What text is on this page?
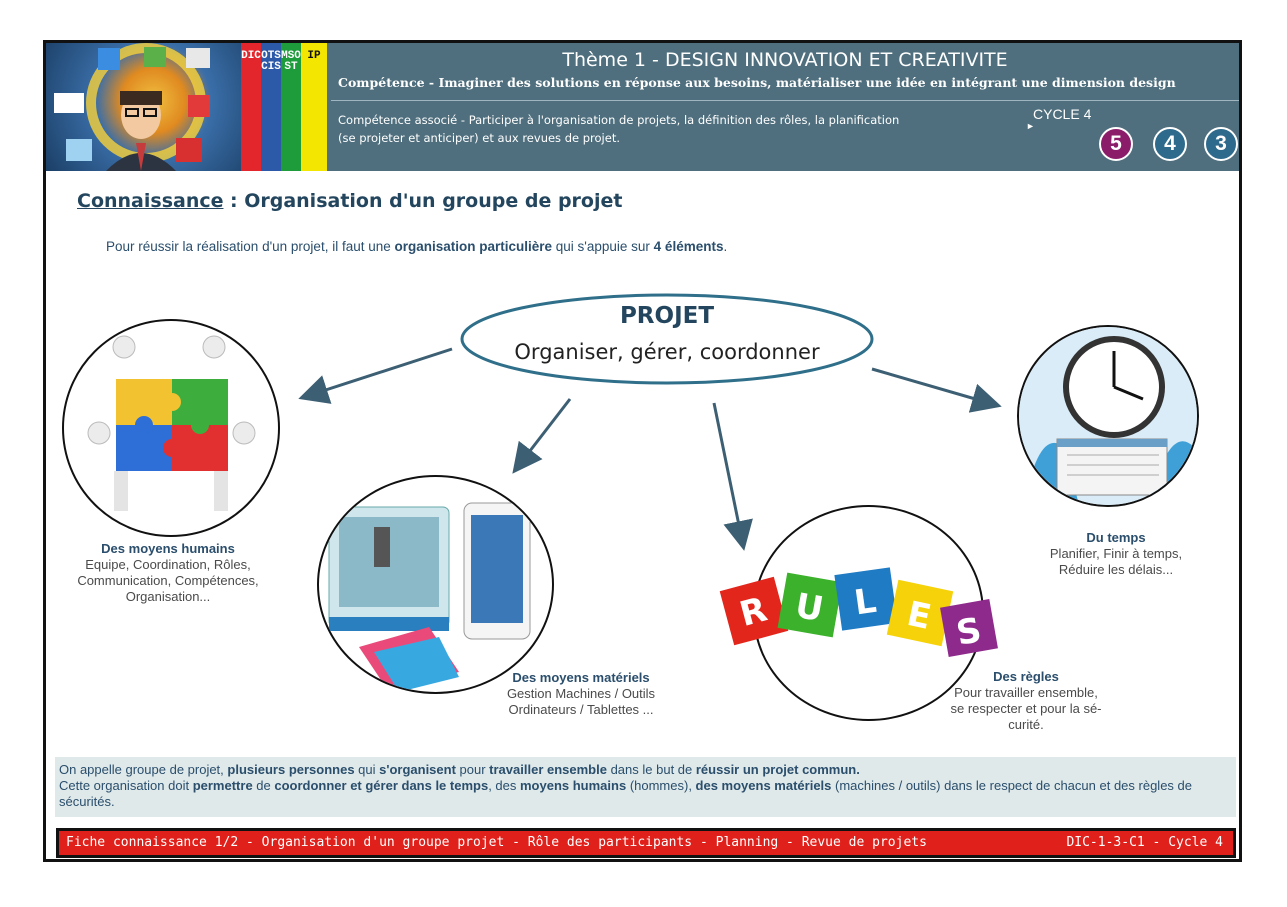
DIC OTSCIS
MSOST
IP	Thème 1 - DESIGN INNOVATION ET CREATIVITE
Compétence - Imaginer des solutions en réponse aux besoins, matérialiser une idée en intégrant une dimension design
Compétence associé - Participer à l'organisation de projets, la définition des rôles, la planification
(se projeter et anticiper) et aux revues de projet.
CYCLE 4
►
5	4	3
Connaissance : Organisation d'un groupe de projet
Pour réussir la réalisation d'un projet, il faut une organisation particulière qui s'appuie sur 4 éléments.
PROJET
Organiser, gérer, coordonner
R U L E S
Des moyens humains
Equipe, Coordination, Rôles,
Communication, Compétences,
Organisation...
Des moyens matériels
Gestion Machines / Outils
Ordinateurs / Tablettes ...
Des règles
Pour travailler ensemble,
se respecter et pour la sé-
curité.
Du temps
Planifier, Finir à temps,
Réduire les délais...
On appelle groupe de projet, plusieurs personnes qui s'organisent pour travailler ensemble dans le but de réussir un projet commun.
Cette organisation doit permettre de coordonner et gérer dans le temps, des moyens humains (hommes), des moyens matériels (machines / outils) dans le respect de chacun et des règles de sécurités.
Fiche connaissance 1/2 - Organisation d'un groupe projet - Rôle des participants - Planning - Revue de projets	DIC-1-3-C1 - Cycle 4
